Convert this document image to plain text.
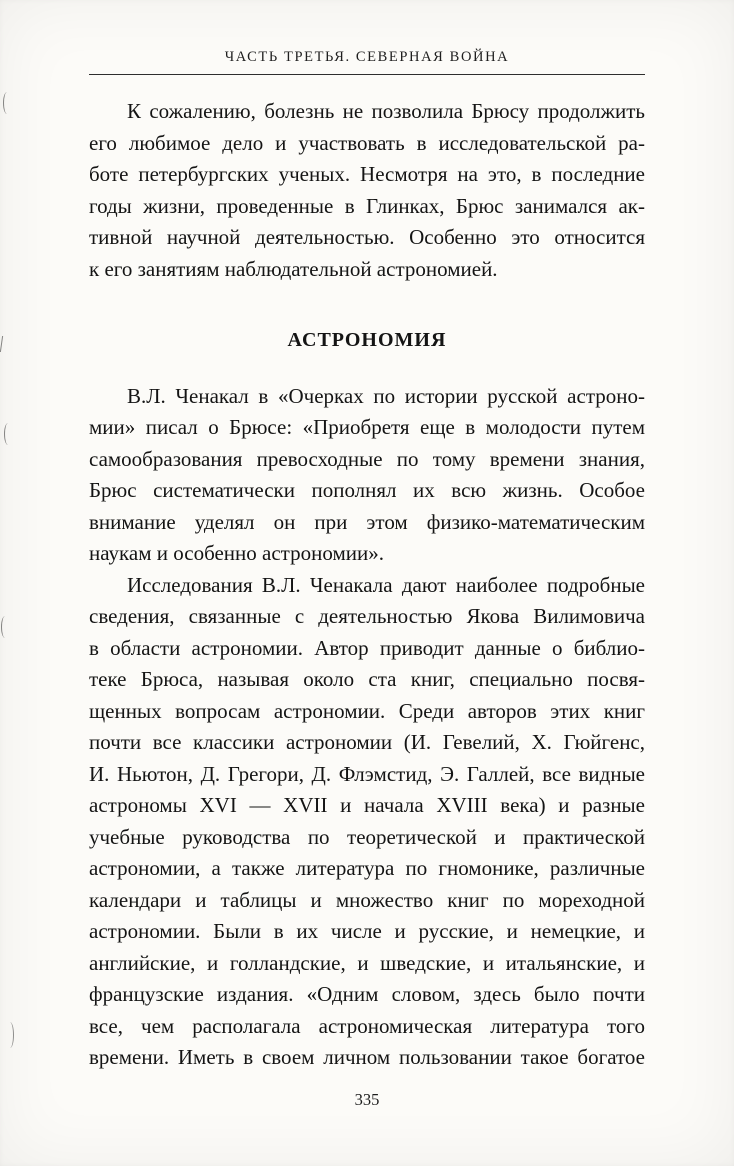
ЧАСТЬ ТРЕТЬЯ. СЕВЕРНАЯ ВОЙНА
К сожалению, болезнь не позволила Брюсу продолжить
его любимое дело и участвовать в исследовательской ра-
боте петербургских ученых. Несмотря на это, в последние
годы жизни, проведенные в Глинках, Брюс занимался ак-
тивной научной деятельностью. Особенно это относится
к его занятиям наблюдательной астрономией.
АСТРОНОМИЯ
В.Л. Ченакал в «Очерках по истории русской астроно-
мии» писал о Брюсе: «Приобретя еще в молодости путем
самообразования превосходные по тому времени знания,
Брюс систематически пополнял их всю жизнь. Особое
внимание уделял он при этом физико-математическим
наукам и особенно астрономии».
Исследования В.Л. Ченакала дают наиболее подробные
сведения, связанные с деятельностью Якова Вилимовича
в области астрономии. Автор приводит данные о библио-
теке Брюса, называя около ста книг, специально посвя-
щенных вопросам астрономии. Среди авторов этих книг
почти все классики астрономии (И. Гевелий, Х. Гюйгенс,
И. Ньютон, Д. Грегори, Д. Флэмстид, Э. Галлей, все видные
астрономы XVI — XVII и начала XVIII века) и разные
учебные руководства по теоретической и практической
астрономии, а также литература по гномонике, различные
календари и таблицы и множество книг по мореходной
астрономии. Были в их числе и русские, и немецкие, и
английские, и голландские, и шведские, и итальянские, и
французские издания. «Одним словом, здесь было почти
все, чем располагала астрономическая литература того
времени. Иметь в своем личном пользовании такое богатое
335
